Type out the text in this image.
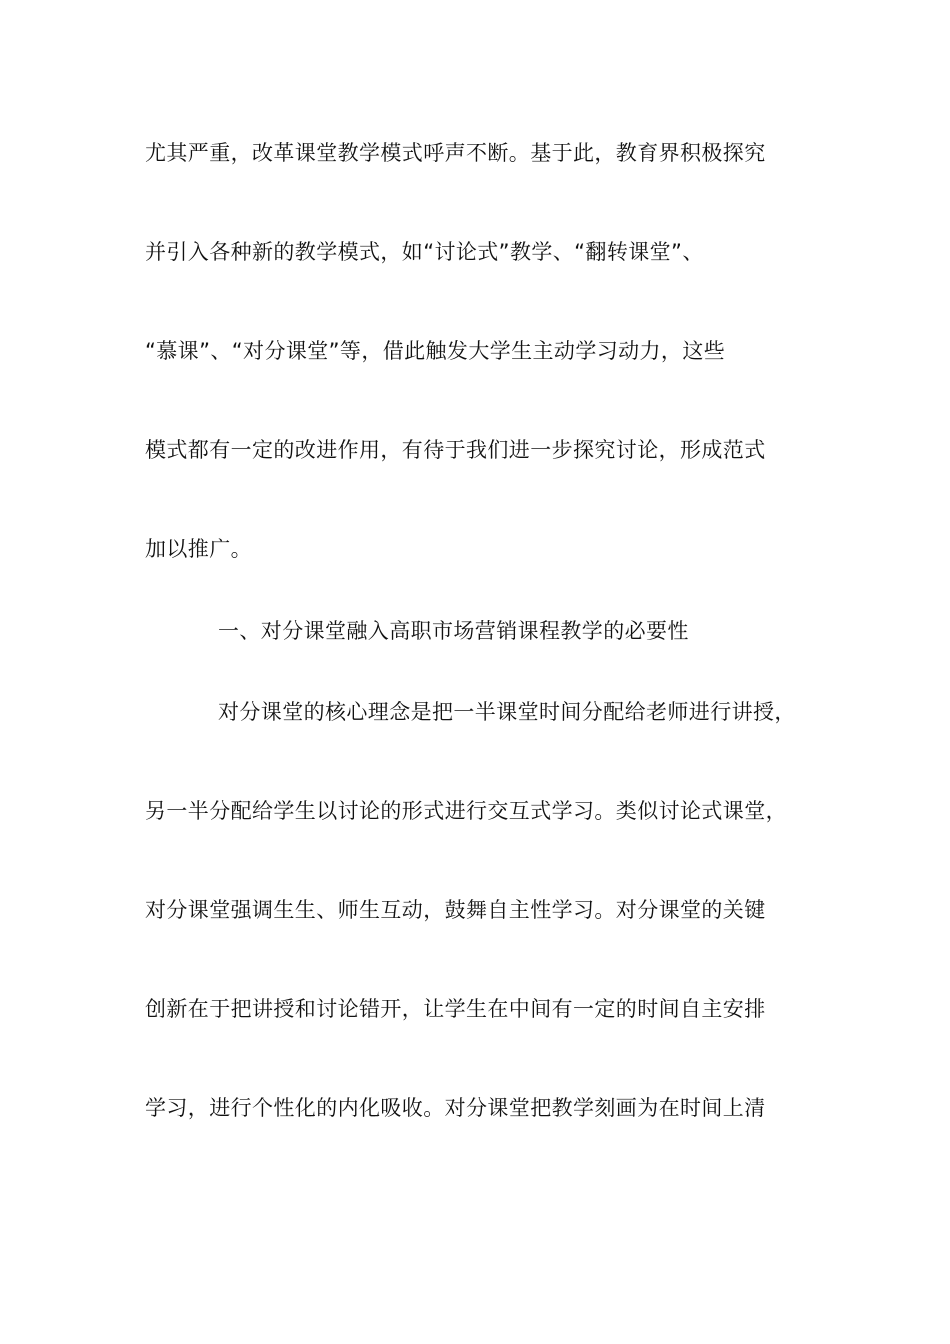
尤其严重，改革课堂教学模式呼声不断。基于此，教育界积极探究
并引入各种新的教学模式，如“讨论式”教学、“翻转课堂”、
“慕课”、“对分课堂”等，借此触发大学生主动学习动力，这些
模式都有一定的改进作用，有待于我们进一步探究讨论，形成范式
加以推广。
一、对分课堂融入高职市场营销课程教学的必要性
对分课堂的核心理念是把一半课堂时间分配给老师进行讲授，
另一半分配给学生以讨论的形式进行交互式学习。类似讨论式课堂，
对分课堂强调生生、师生互动，鼓舞自主性学习。对分课堂的关键
创新在于把讲授和讨论错开，让学生在中间有一定的时间自主安排
学习，进行个性化的内化吸收。对分课堂把教学刻画为在时间上清
